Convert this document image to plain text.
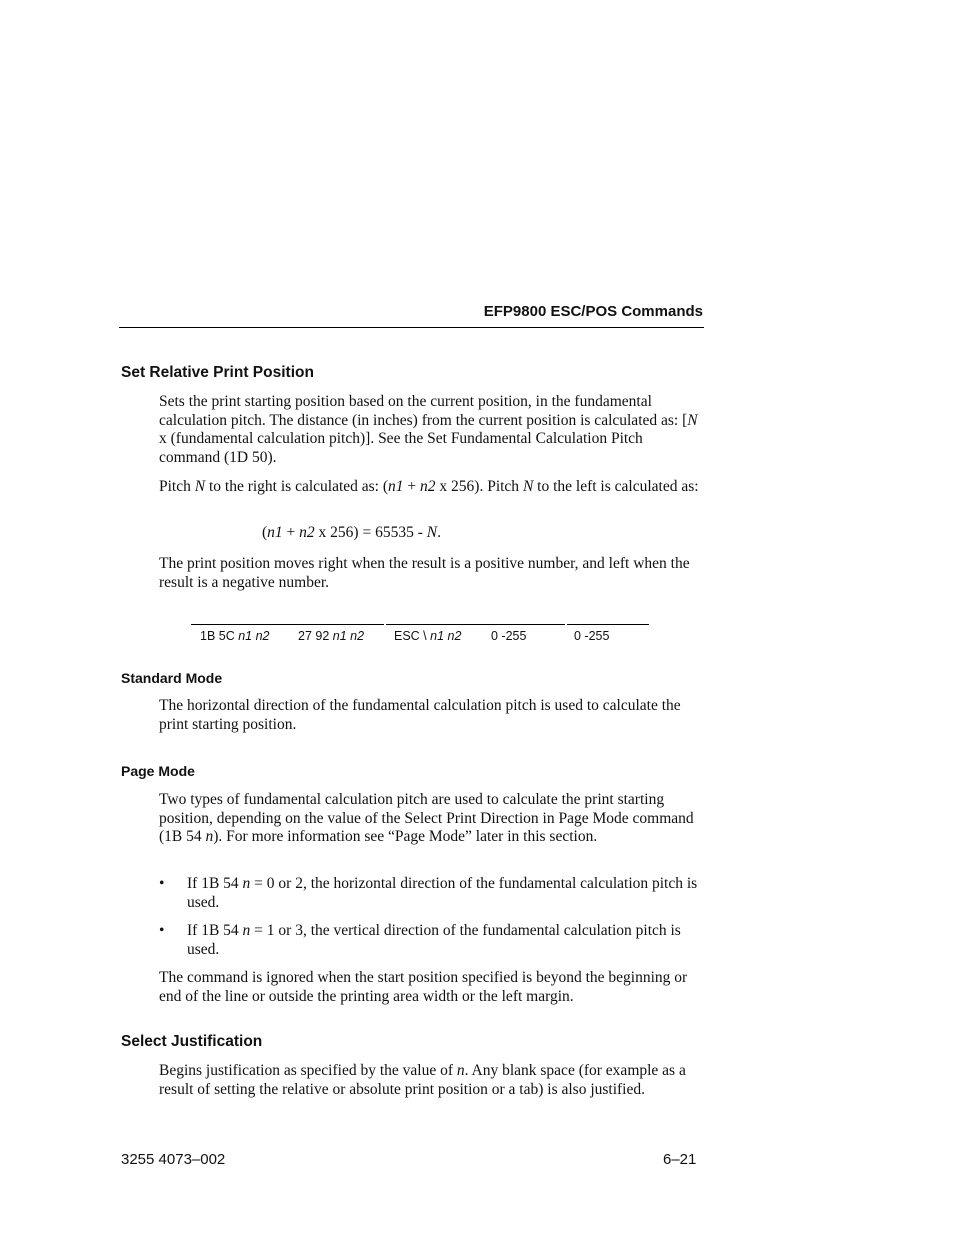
EFP9800 ESC/POS Commands
Set Relative Print Position

Sets the print starting position based on the current position, in the fundamental calculation pitch. The distance (in inches) from the current position is calculated as: [N x (fundamental calculation pitch)]. See the Set Fundamental Calculation Pitch command (1D 50).

Pitch N to the right is calculated as: (n1 + n2 x 256). Pitch N to the left is calculated as:

(n1 + n2 x 256) = 65535 - N.

The print position moves right when the result is a positive number, and left when the result is a negative number.

1B 5C n1 n2 27 92 n1 n2 ESC \ n1 n2 0 -255	0 -255
Standard Mode

The horizontal direction of the fundamental calculation pitch is used to calculate the print starting position.

Page Mode

Two types of fundamental calculation pitch are used to calculate the print starting position, depending on the value of the Select Print Direction in Page Mode command (1B 54 n). For more information see “Page Mode” later in this section.

• If 1B 54 n = 0 or 2, the horizontal direction of the fundamental calculation pitch is used.

• If 1B 54 n = 1 or 3, the vertical direction of the fundamental calculation pitch is used.

The command is ignored when the start position specified is beyond the beginning or end of the line or outside the printing area width or the left margin.

Select Justification

Begins justification as specified by the value of n. Any blank space (for example as a result of setting the relative or absolute print position or a tab) is also justified.

3255 4073–002	6–21
